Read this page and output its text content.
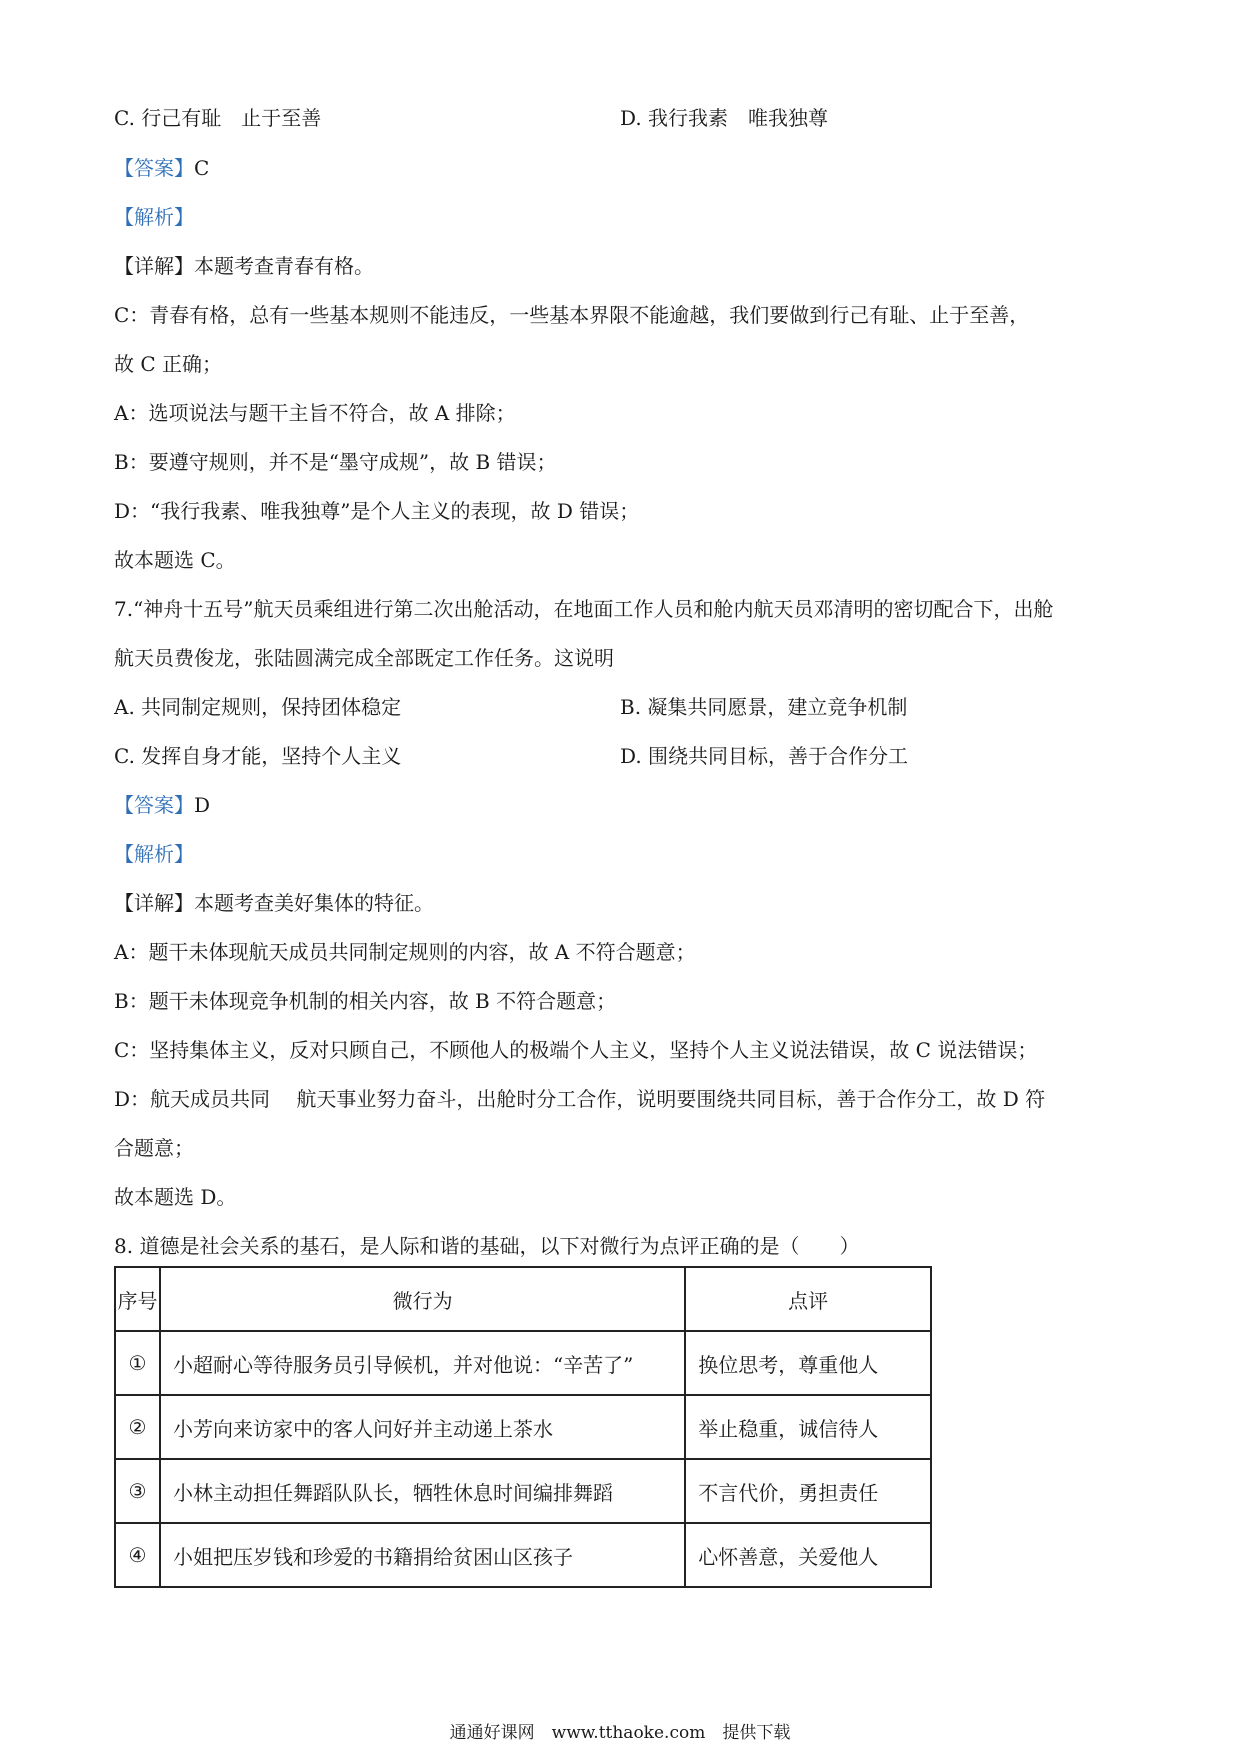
C. 行己有耻　止于至善	D. 我行我素　唯我独尊
【答案】C
【解析】
【详解】本题考查青春有格。
C：青春有格，总有一些基本规则不能违反，一些基本界限不能逾越，我们要做到行己有耻、止于至善，
故 C 正确；
A：选项说法与题干主旨不符合，故 A 排除；
B：要遵守规则，并不是“墨守成规”，故 B 错误；
D：“我行我素、唯我独尊”是个人主义的表现，故 D 错误；
故本题选 C。
7.“神舟十五号”航天员乘组进行第二次出舱活动，在地面工作人员和舱内航天员邓清明的密切配合下，出舱
航天员费俊龙，张陆圆满完成全部既定工作任务。这说明
A. 共同制定规则，保持团体稳定	B. 凝集共同愿景，建立竞争机制
C. 发挥自身才能，坚持个人主义	D. 围绕共同目标，善于合作分工
【答案】D
【解析】
【详解】本题考查美好集体的特征。
A：题干未体现航天成员共同制定规则的内容，故 A 不符合题意；
B：题干未体现竞争机制的相关内容，故 B 不符合题意；
C：坚持集体主义，反对只顾自己，不顾他人的极端个人主义，坚持个人主义说法错误，故 C 说法错误；
D：航天成员共同　 航天事业努力奋斗，出舱时分工合作，说明要围绕共同目标，善于合作分工，故 D 符
合题意；
故本题选 D。
8. 道德是社会关系的基石，是人际和谐的基础，以下对微行为点评正确的是（　　）
序号	微行为	点评
①	小超耐心等待服务员引导候机，并对他说：“辛苦了”	换位思考，尊重他人
②	小芳向来访家中的客人问好并主动递上茶水	举止稳重，诚信待人
③	小林主动担任舞蹈队队长，牺牲休息时间编排舞蹈	不言代价，勇担责任
④	小姐把压岁钱和珍爱的书籍捐给贫困山区孩子	心怀善意，关爱他人
通通好课网　www.tthaoke.com　提供下载
